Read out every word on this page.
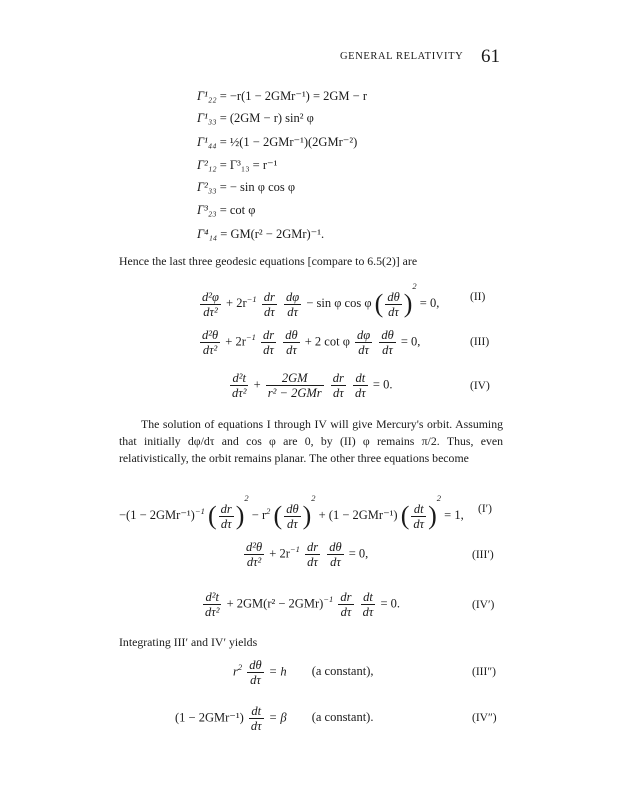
GENERAL RELATIVITY 61
Γ¹₂₂ = −r(1 − 2GMr⁻¹) = 2GM − r
Γ¹₃₃ = (2GM − r) sin² φ
Γ¹₄₄ = ½(1 − 2GMr⁻¹)(2GMr⁻²)
Γ²₁₂ = Γ³₁₃ = r⁻¹
Γ²₃₃ = − sin φ cos φ
Γ³₂₃ = cot φ
Γ⁴₁₄ = GM(r² − 2GMr)⁻¹.
Hence the last three geodesic equations [compare to 6.5(2)] are
$\frac{\text{d²φ}}{\text{dτ²}} + 2r^{-1} \frac{dr}{d\tau}$
$\frac{d\varphi}{d\tau} - \sin \varphi$ cos φ ( $\frac{d\theta}{d\tau} )^2 = 0$,	(II)
$\frac{\text{d²θ}}{\text{dτ²}} + 2r^{-1} \frac{dr}{d\tau}$
$\frac{d\theta}{d\tau} + 2$ cot φ $\frac{d\varphi}{d\tau}$
$\frac{d\theta}{d\tau} = 0$,	(III)
$\frac{\text{d²t}}{\text{dτ²}} + \frac{2GM}{\text{r² − 2GMr}}$
$\frac{dr}{d\tau}$
$\frac{dt}{d\tau} = 0$.	(IV)
The solution of equations I through IV will give Mercury's orbit. Assuming that initially dφ/dτ and cos φ are 0, by (II) φ remains π/2. Thus, even relativistically, the orbit remains planar. The other three equations become
$-(1 - 2GMr^{-1})^{-1}$ ( $\frac{dr}{d\tau} )^2 - r^2$ ( $\frac{d\theta}{d\tau} )^2 + (1 - 2GMr^{-1})$ ( $\frac{dt}{d\tau} )^2 = 1$, (I′)
$\frac{\text{d²θ}}{\text{dτ²}} + 2r^{-1} \frac{dr}{d\tau}$
$\frac{d\theta}{d\tau} = 0$,	(III′)
$\frac{\text{d²t}}{\text{dτ²}} + 2GM(r^2 - 2GMr)^{-1} \frac{dr}{d\tau}$
$\frac{dt}{d\tau} = 0$.	(IV′)
Integrating III′ and IV′ yields
$r^2 \frac{d\theta}{d\tau} = h$ (a constant),	(III″)
$(1 - 2GMr^{-1}) \frac{dt}{d\tau} = \beta$ (a constant).	(IV″)
